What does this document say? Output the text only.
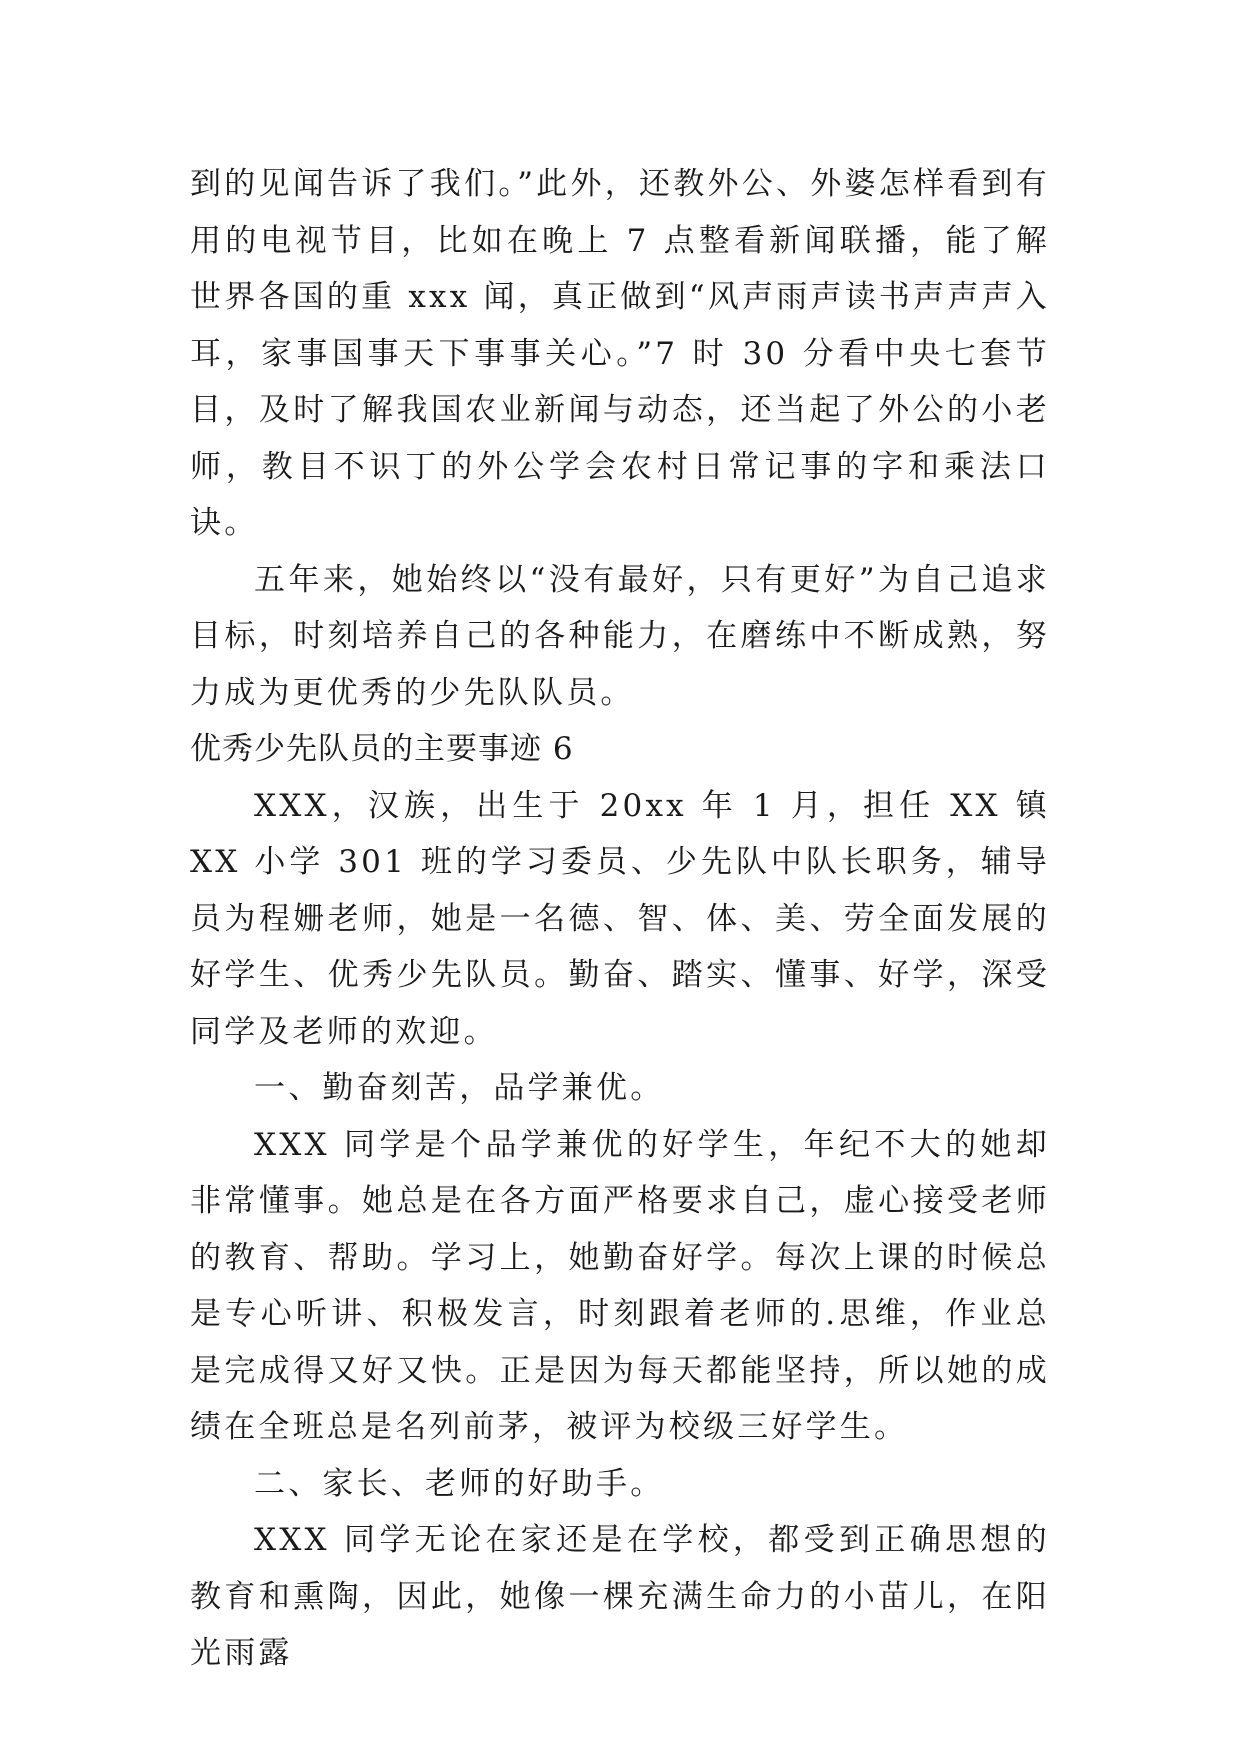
到的见闻告诉了我们。”此外，还教外公、外婆怎样看到有用的电视节目，比如在晚上 7 点整看新闻联播，能了解世界各国的重 xxx 闻，真正做到“风声雨声读书声声声入耳，家事国事天下事事关心。”7 时 30 分看中央七套节目，及时了解我国农业新闻与动态，还当起了外公的小老师，教目不识丁的外公学会农村日常记事的字和乘法口诀。

五年来，她始终以“没有最好，只有更好”为自己追求目标，时刻培养自己的各种能力，在磨练中不断成熟，努力成为更优秀的少先队队员。

优秀少先队员的主要事迹 6

XXX，汉族，出生于 20xx 年 1 月，担任 XX 镇 XX 小学 301 班的学习委员、少先队中队长职务，辅导员为程姗老师，她是一名德、智、体、美、劳全面发展的好学生、优秀少先队员。勤奋、踏实、懂事、好学，深受同学及老师的欢迎。

一、勤奋刻苦，品学兼优。

XXX 同学是个品学兼优的好学生，年纪不大的她却非常懂事。她总是在各方面严格要求自己，虚心接受老师的教育、帮助。学习上，她勤奋好学。每次上课的时候总是专心听讲、积极发言，时刻跟着老师的.思维，作业总是完成得又好又快。正是因为每天都能坚持，所以她的成绩在全班总是名列前茅，被评为校级三好学生。

二、家长、老师的好助手。

XXX 同学无论在家还是在学校，都受到正确思想的教育和熏陶，因此，她像一棵充满生命力的小苗儿，在阳光雨露
